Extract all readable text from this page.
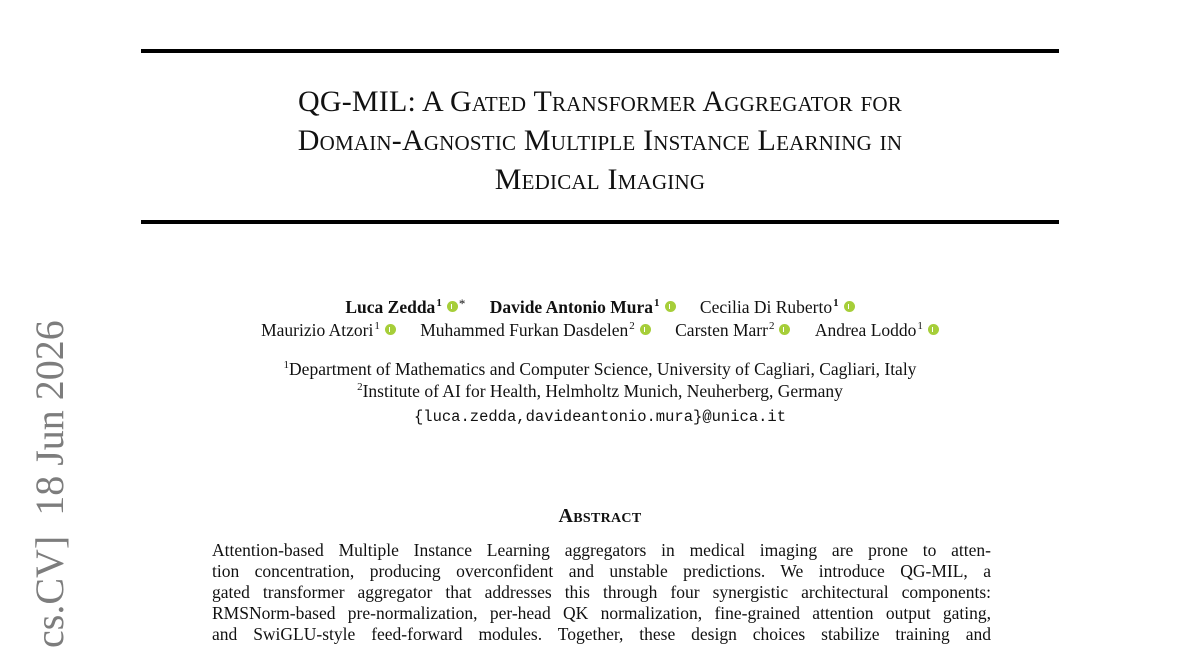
QG-MIL: A Gated Transformer Aggregator for
Domain-Agnostic Multiple Instance Learning in
Medical Imaging
Luca Zedda$^1$ * Davide Antonio Mura$^1$ Cecilia Di Ruberto$^1$
Maurizio Atzori$^1$ Muhammed Furkan Dasdelen$^2$ Carsten Marr$^2$ Andrea Loddo$^1$
$^1$Department of Mathematics and Computer Science, University of Cagliari, Cagliari, Italy
$^2$Institute of AI for Health, Helmholtz Munich, Neuherberg, Germany
{luca.zedda,davideantonio.mura}@unica.it
Abstract
Attention-based Multiple Instance Learning aggregators in medical imaging are prone to atten-
tion concentration, producing overconfident and unstable predictions. We introduce QG-MIL, a
gated transformer aggregator that addresses this through four synergistic architectural components:
RMSNorm-based pre-normalization, per-head QK normalization, fine-grained attention output gating,
and SwiGLU-style feed-forward modules. Together, these design choices stabilize training and
cs.CV]  18 Jun 2026
